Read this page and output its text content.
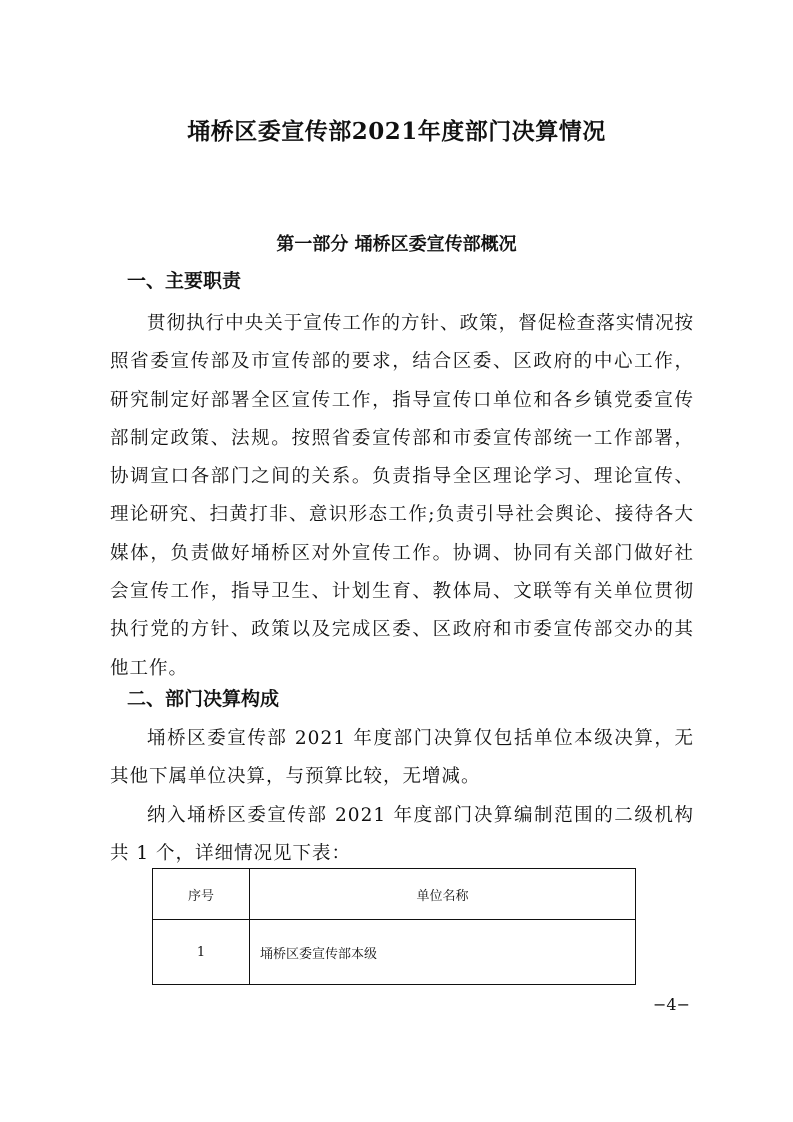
埇桥区委宣传部2021年度部门决算情况
第一部分 埇桥区委宣传部概况
一、主要职责

贯彻执行中央关于宣传工作的方针、政策，督促检查落实情况按照省委宣传部及市宣传部的要求，结合区委、区政府的中心工作，研究制定好部署全区宣传工作，指导宣传口单位和各乡镇党委宣传部制定政策、法规。按照省委宣传部和市委宣传部统一工作部署，协调宣口各部门之间的关系。负责指导全区理论学习、理论宣传、理论研究、扫黄打非、意识形态工作;负责引导社会舆论、接待各大媒体，负责做好埇桥区对外宣传工作。协调、协同有关部门做好社会宣传工作，指导卫生、计划生育、教体局、文联等有关单位贯彻执行党的方针、政策以及完成区委、区政府和市委宣传部交办的其他工作。

二、部门决算构成

埇桥区委宣传部 2021 年度部门决算仅包括单位本级决算，无其他下属单位决算，与预算比较，无增减。

纳入埇桥区委宣传部 2021 年度部门决算编制范围的二级机构共 1 个，详细情况见下表：

序号	单位名称
1	埇桥区委宣传部本级

−4−
